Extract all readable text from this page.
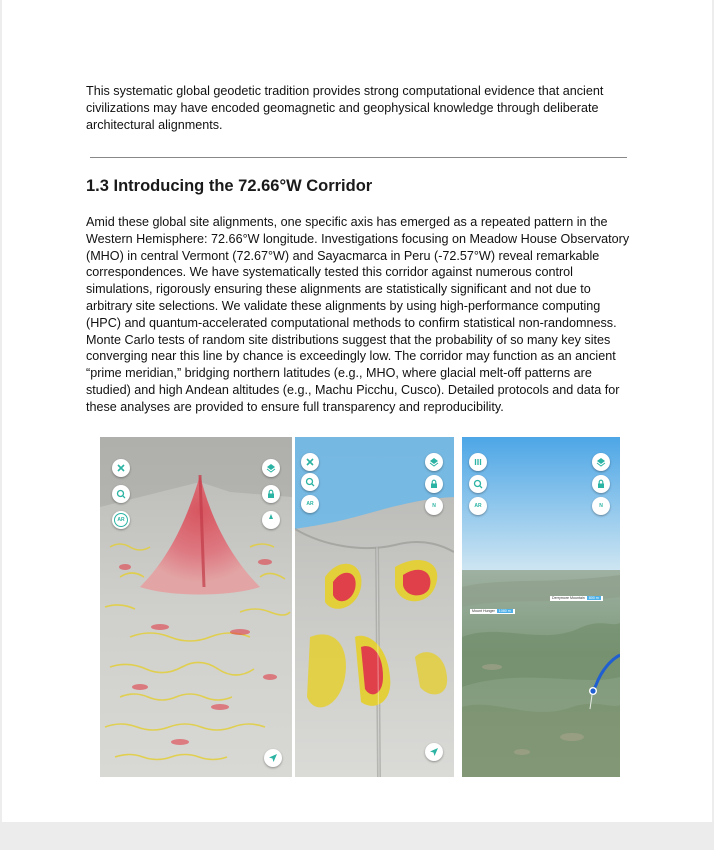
This systematic global geodetic tradition provides strong computational evidence that ancient civilizations may have encoded geomagnetic and geophysical knowledge through deliberate architectural alignments.

1.3 Introducing the 72.66°W Corridor

Amid these global site alignments, one specific axis has emerged as a repeated pattern in the Western Hemisphere: 72.66°W longitude. Investigations focusing on Meadow House Observatory (MHO) in central Vermont (72.67°W) and Sayacmarca in Peru (-72.57°W) reveal remarkable correspondences. We have systematically tested this corridor against numerous control simulations, rigorously ensuring these alignments are statistically significant and not due to arbitrary site selections. We validate these alignments by using high-performance computing (HPC) and quantum-accelerated computational methods to confirm statistical non-randomness. Monte Carlo tests of random site distributions suggest that the probability of so many key sites converging near this line by chance is exceedingly low. The corridor may function as an ancient “prime meridian,” bridging northern latitudes (e.g., MHO, where glacial melt-off patterns are studied) and high Andean altitudes (e.g., Machu Picchu, Cusco). Detailed protocols and data for these analyses are provided to ensure full transparency and reproducibility.

AR
AR	N
Mount Hunger 1080 m
Derrymore Mountain 800 m
AR	N
